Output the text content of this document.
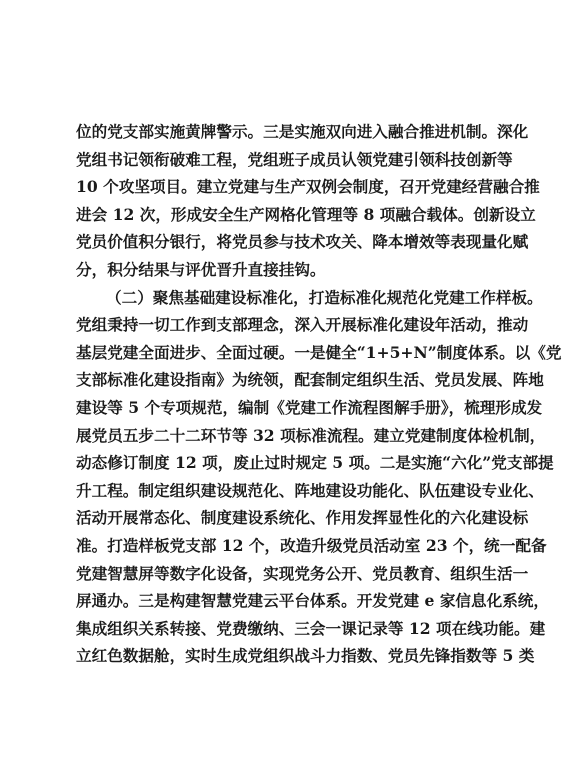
位的党支部实施黄牌警示。三是实施双向进入融合推进机制。深化
党组书记领衔破难工程，党组班子成员认领党建引领科技创新等
10 个攻坚项目。建立党建与生产双例会制度，召开党建经营融合推
进会 12 次，形成安全生产网格化管理等 8 项融合载体。创新设立
党员价值积分银行，将党员参与技术攻关、降本增效等表现量化赋
分，积分结果与评优晋升直接挂钩。
（二）聚焦基础建设标准化，打造标准化规范化党建工作样板。
党组秉持一切工作到支部理念，深入开展标准化建设年活动，推动
基层党建全面进步、全面过硬。一是健全“1+5+N”制度体系。以《党
支部标准化建设指南》为统领，配套制定组织生活、党员发展、阵地
建设等 5 个专项规范，编制《党建工作流程图解手册》，梳理形成发
展党员五步二十二环节等 32 项标准流程。建立党建制度体检机制，
动态修订制度 12 项，废止过时规定 5 项。二是实施“六化”党支部提
升工程。制定组织建设规范化、阵地建设功能化、队伍建设专业化、
活动开展常态化、制度建设系统化、作用发挥显性化的六化建设标
准。打造样板党支部 12 个，改造升级党员活动室 23 个，统一配备
党建智慧屏等数字化设备，实现党务公开、党员教育、组织生活一
屏通办。三是构建智慧党建云平台体系。开发党建 e 家信息化系统，
集成组织关系转接、党费缴纳、三会一课记录等 12 项在线功能。建
立红色数据舱，实时生成党组织战斗力指数、党员先锋指数等 5 类
